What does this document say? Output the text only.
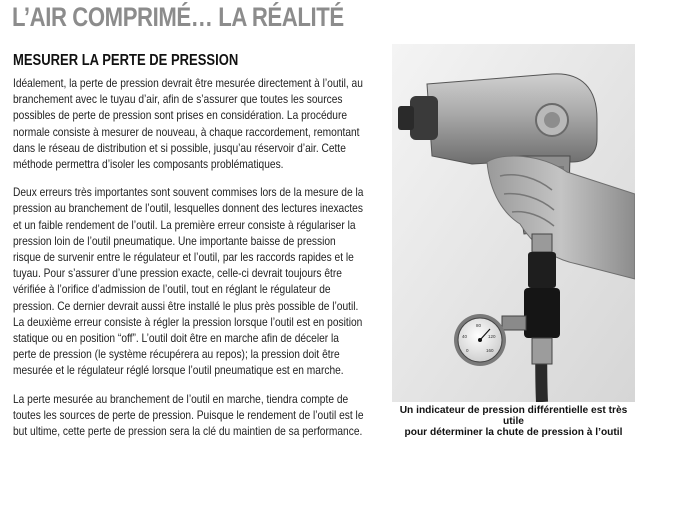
L’AIR COMPRIMÉ… LA RÉALITÉ
MESURER LA PERTE DE PRESSION

Idéalement, la perte de pression devrait être mesurée directement à l’outil, au branchement avec le tuyau d’air, afin de s’assurer que toutes les sources possibles de perte de pression sont prises en considération. La procédure normale consiste à mesurer de nouveau, à chaque raccordement, remontant dans le réseau de distribution et si possible, jusqu’au réservoir d’air. Cette méthode permettra d’isoler les composants problématiques.

Deux erreurs très importantes sont souvent commises lors de la mesure de la pression au branchement de l’outil, lesquelles donnent des lectures inexactes et un faible rendement de l’outil. La première erreur consiste à régulariser la pression loin de l’outil pneumatique. Une importante baisse de pression risque de survenir entre le régulateur et l’outil, par les raccords rapides et le tuyau. Pour s’assurer d’une pression exacte, celle-ci devrait toujours être vérifiée à l’orifice d’admission de l’outil, tout en réglant le régulateur de pression. Ce dernier devrait aussi être installé le plus près possible de l’outil. La deuxième erreur consiste à régler la pression lorsque l’outil est en position statique ou en position “off”. L’outil doit être en marche afin de déceler la perte de pression (le système récupérera au repos); la pression doit être mesurée et le régulateur réglé lorsque l’outil pneumatique est en marche.

La perte mesurée au branchement de l’outil en marche, tiendra compte de toutes les sources de perte de pression. Puisque le rendement de l’outil est le but ultime, cette perte de pression sera la clé du maintien de sa performance.

0
40
80
120
160
Un indicateur de pression différentielle est très utile
pour déterminer la chute de pression à l’outil
